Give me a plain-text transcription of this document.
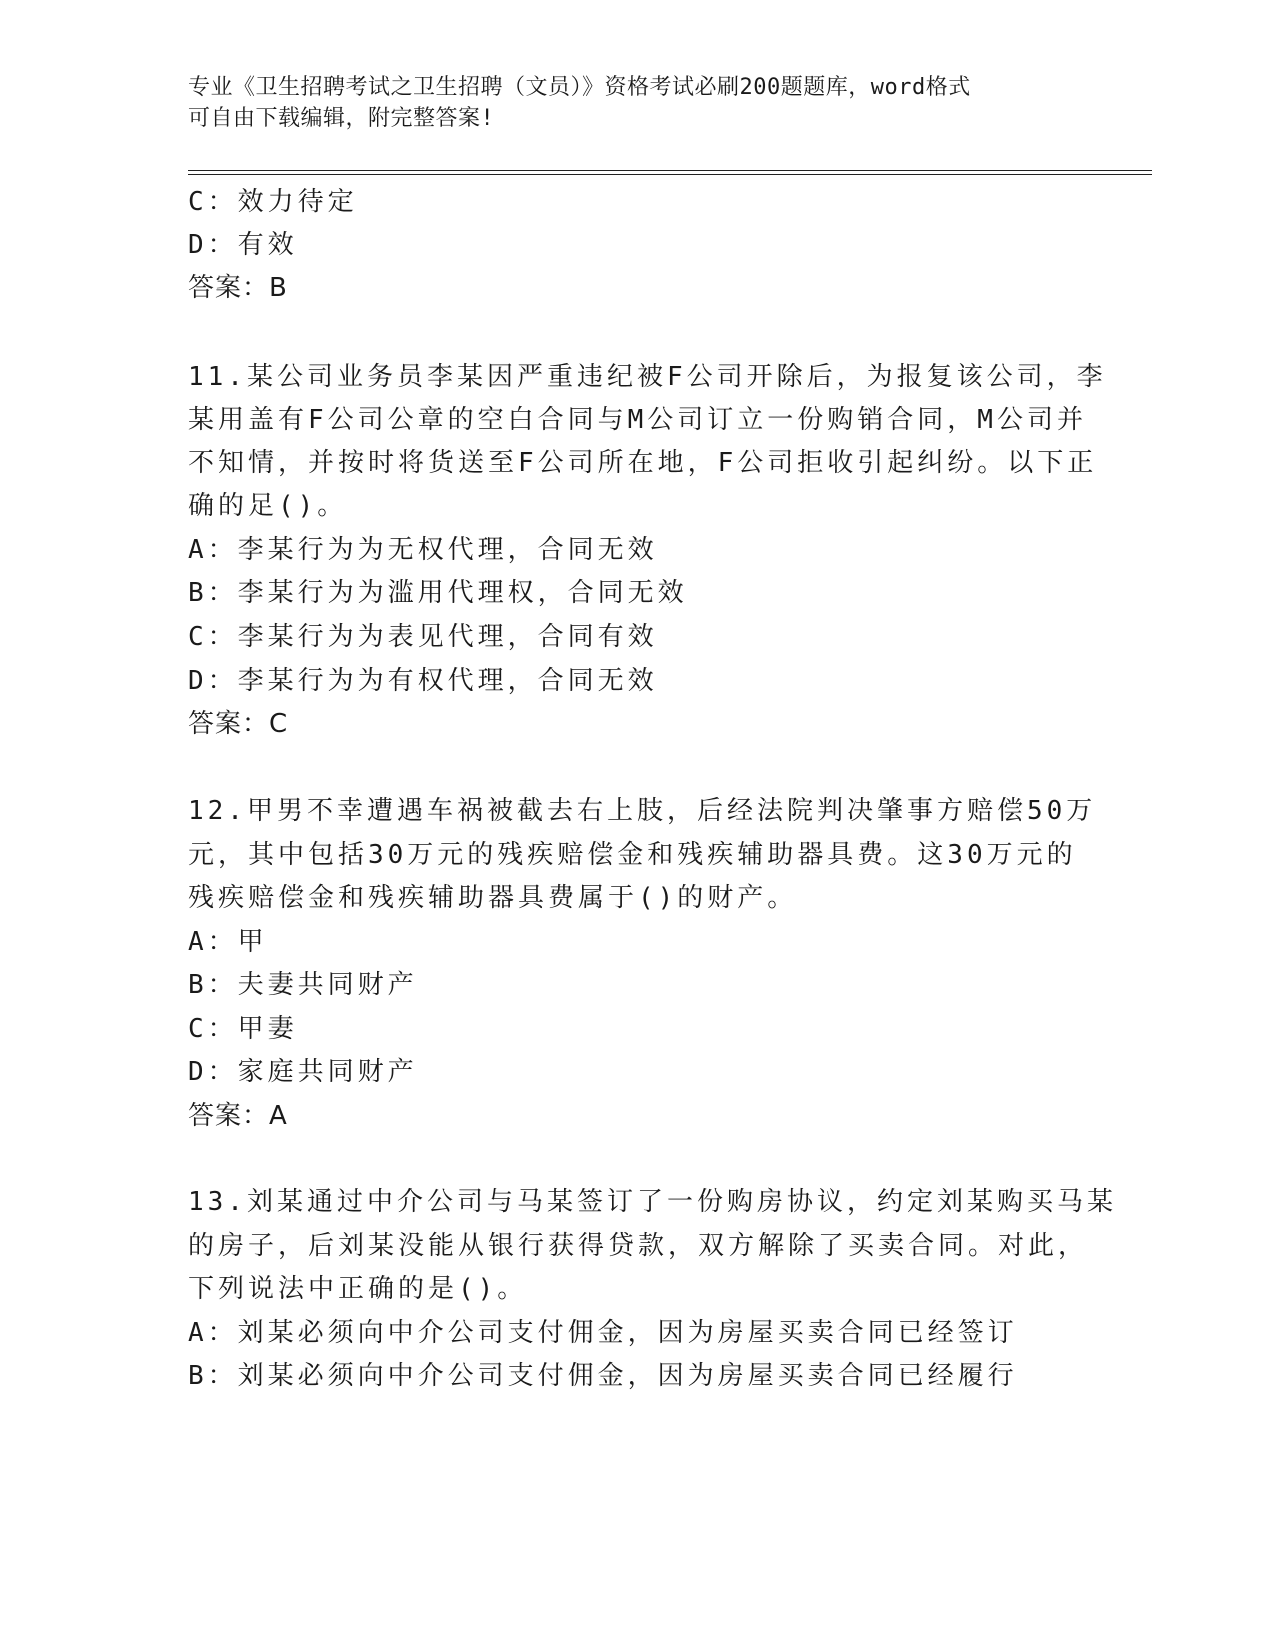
专业《卫生招聘考试之卫生招聘（文员）》资格考试必刷200题题库，word格式
可自由下载编辑，附完整答案!
C：效力待定
D：有效
答案：B
11.某公司业务员李某因严重违纪被F公司开除后，为报复该公司，李
某用盖有F公司公章的空白合同与M公司订立一份购销合同，M公司并
不知情，并按时将货送至F公司所在地，F公司拒收引起纠纷。以下正
确的足()。
A：李某行为为无权代理，合同无效
B：李某行为为滥用代理权，合同无效
C：李某行为为表见代理，合同有效
D：李某行为为有权代理，合同无效
答案：C
12.甲男不幸遭遇车祸被截去右上肢，后经法院判决肇事方赔偿50万
元，其中包括30万元的残疾赔偿金和残疾辅助器具费。这30万元的
残疾赔偿金和残疾辅助器具费属于()的财产。
A：甲
B：夫妻共同财产
C：甲妻
D：家庭共同财产
答案：A
13.刘某通过中介公司与马某签订了一份购房协议，约定刘某购买马某
的房子，后刘某没能从银行获得贷款，双方解除了买卖合同。对此，
下列说法中正确的是()。
A：刘某必须向中介公司支付佣金，因为房屋买卖合同已经签订
B：刘某必须向中介公司支付佣金，因为房屋买卖合同已经履行
